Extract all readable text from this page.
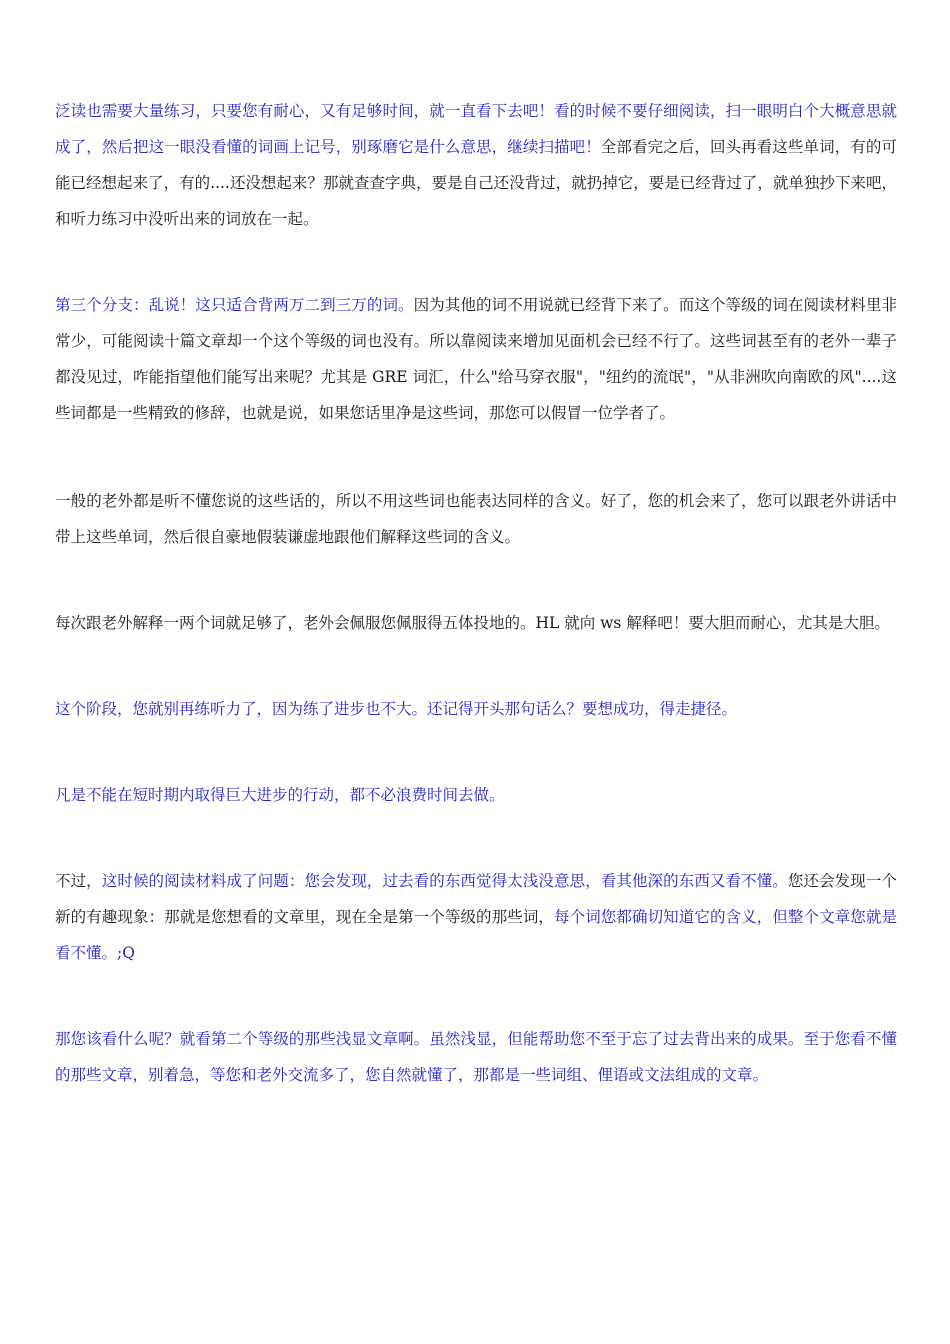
泛读也需要大量练习，只要您有耐心，又有足够时间，就一直看下去吧！看的时候不要仔细阅读，扫一眼明白个大概意思就成了，然后把这一眼没看懂的词画上记号，别琢磨它是什么意思，继续扫描吧！全部看完之后，回头再看这些单词，有的可能已经想起来了，有的....还没想起来？那就查查字典，要是自己还没背过，就扔掉它，要是已经背过了，就单独抄下来吧，和听力练习中没听出来的词放在一起。

第三个分支：乱说！这只适合背两万二到三万的词。因为其他的词不用说就已经背下来了。而这个等级的词在阅读材料里非常少，可能阅读十篇文章却一个这个等级的词也没有。所以靠阅读来增加见面机会已经不行了。这些词甚至有的老外一辈子都没见过，咋能指望他们能写出来呢？尤其是 GRE 词汇，什么"给马穿衣服"，"纽约的流氓"，"从非洲吹向南欧的风"....这些词都是一些精致的修辞，也就是说，如果您话里净是这些词，那您可以假冒一位学者了。

一般的老外都是听不懂您说的这些话的，所以不用这些词也能表达同样的含义。好了，您的机会来了，您可以跟老外讲话中带上这些单词，然后很自豪地假装谦虚地跟他们解释这些词的含义。

每次跟老外解释一两个词就足够了，老外会佩服您佩服得五体投地的。HL 就向 ws 解释吧！要大胆而耐心，尤其是大胆。

这个阶段，您就别再练听力了，因为练了进步也不大。还记得开头那句话么？要想成功，得走捷径。

凡是不能在短时期内取得巨大进步的行动，都不必浪费时间去做。

不过，这时候的阅读材料成了问题：您会发现，过去看的东西觉得太浅没意思，看其他深的东西又看不懂。您还会发现一个新的有趣现象：那就是您想看的文章里，现在全是第一个等级的那些词，每个词您都确切知道它的含义，但整个文章您就是看不懂。;Q

那您该看什么呢？就看第二个等级的那些浅显文章啊。虽然浅显，但能帮助您不至于忘了过去背出来的成果。至于您看不懂的那些文章，别着急，等您和老外交流多了，您自然就懂了，那都是一些词组、俚语或文法组成的文章。
